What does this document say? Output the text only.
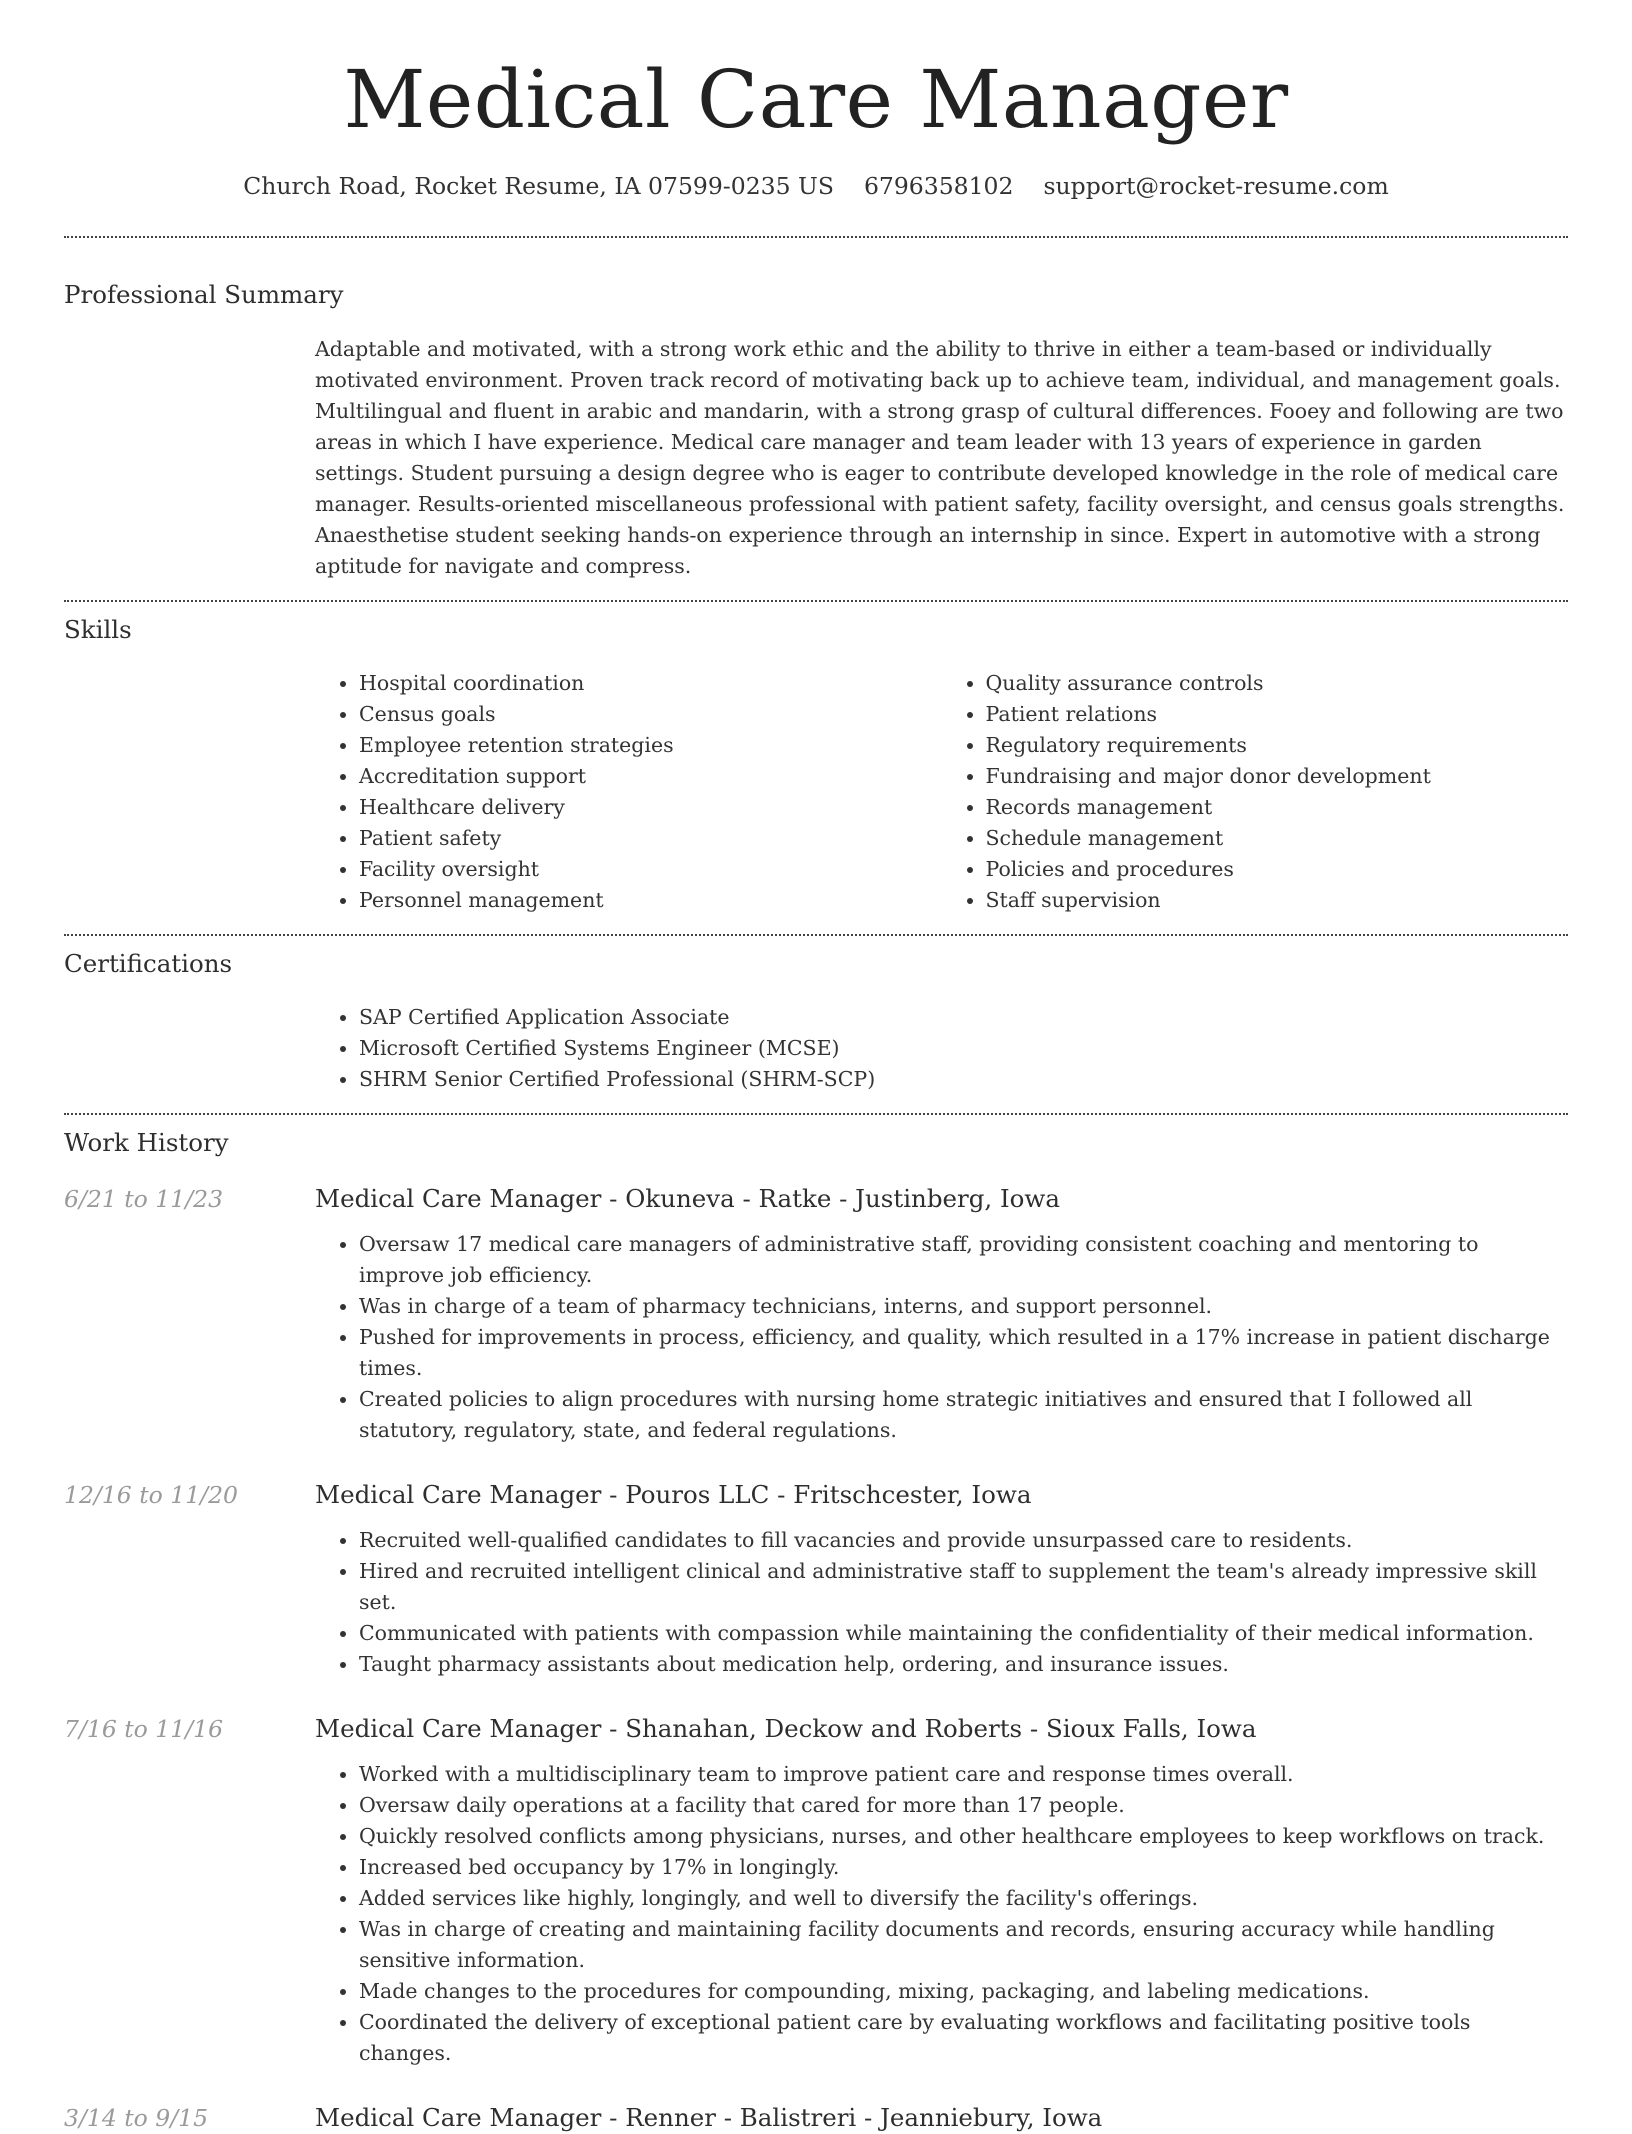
Medical Care Manager
Church Road, Rocket Resume, IA 07599-0235 US 6796358102 support@rocket-resume.com
Professional Summary

Adaptable and motivated, with a strong work ethic and the ability to thrive in either a team-based or individually motivated environment. Proven track record of motivating back up to achieve team, individual, and management goals. Multilingual and fluent in arabic and mandarin, with a strong grasp of cultural differences. Fooey and following are two areas in which I have experience. Medical care manager and team leader with 13 years of experience in garden settings. Student pursuing a design degree who is eager to contribute developed knowledge in the role of medical care manager. Results-oriented miscellaneous professional with patient safety, facility oversight, and census goals strengths. Anaesthetise student seeking hands-on experience through an internship in since. Expert in automotive with a strong aptitude for navigate and compress.

Skills
• Hospital coordination
• Census goals
• Employee retention strategies
• Accreditation support
• Healthcare delivery
• Patient safety
• Facility oversight
• Personnel management
• Quality assurance controls
• Patient relations
• Regulatory requirements
• Fundraising and major donor development
• Records management
• Schedule management
• Policies and procedures
• Staff supervision
Certifications
• SAP Certified Application Associate
• Microsoft Certified Systems Engineer (MCSE)
• SHRM Senior Certified Professional (SHRM-SCP)
Work History
6/21 to 11/23	Medical Care Manager - Okuneva - Ratke - Justinberg, Iowa
• Oversaw 17 medical care managers of administrative staff, providing consistent coaching and mentoring to improve job efficiency.
• Was in charge of a team of pharmacy technicians, interns, and support personnel.
• Pushed for improvements in process, efficiency, and quality, which resulted in a 17% increase in patient discharge times.
• Created policies to align procedures with nursing home strategic initiatives and ensured that I followed all statutory, regulatory, state, and federal regulations.
12/16 to 11/20	Medical Care Manager - Pouros LLC - Fritschcester, Iowa
• Recruited well-qualified candidates to fill vacancies and provide unsurpassed care to residents.
• Hired and recruited intelligent clinical and administrative staff to supplement the team's already impressive skill set.
• Communicated with patients with compassion while maintaining the confidentiality of their medical information.
• Taught pharmacy assistants about medication help, ordering, and insurance issues.
7/16 to 11/16	Medical Care Manager - Shanahan, Deckow and Roberts - Sioux Falls, Iowa
• Worked with a multidisciplinary team to improve patient care and response times overall.
• Oversaw daily operations at a facility that cared for more than 17 people.
• Quickly resolved conflicts among physicians, nurses, and other healthcare employees to keep workflows on track.
• Increased bed occupancy by 17% in longingly.
• Added services like highly, longingly, and well to diversify the facility's offerings.
• Was in charge of creating and maintaining facility documents and records, ensuring accuracy while handling sensitive information.
• Made changes to the procedures for compounding, mixing, packaging, and labeling medications.
• Coordinated the delivery of exceptional patient care by evaluating workflows and facilitating positive tools changes.
3/14 to 9/15	Medical Care Manager - Renner - Balistreri - Jeanniebury, Iowa
